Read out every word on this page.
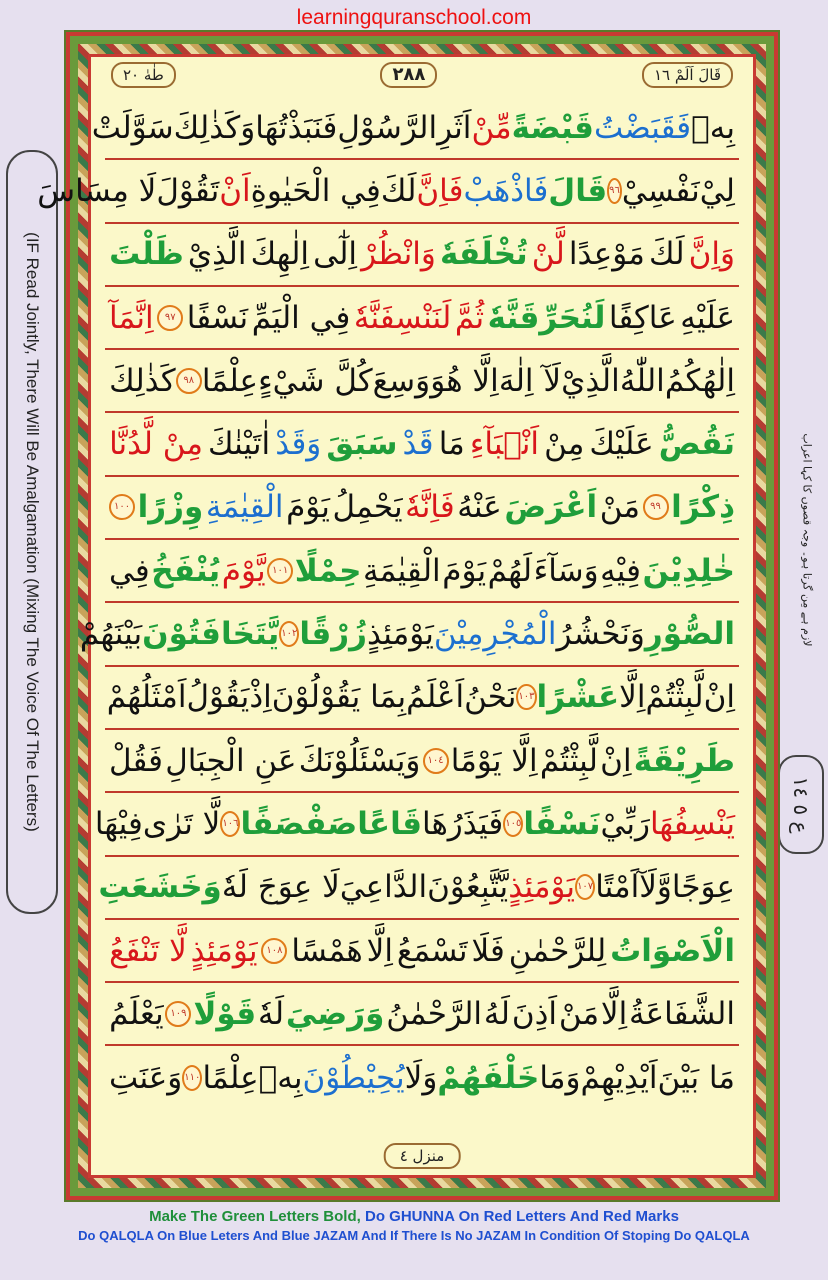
learningquranschool.com
(IF Read Jointly, There Will Be Amalgamation (Mixing The Voice Of The Letters)	لازم ہے مِن گرتا ہو۔ وجہ قصوں کا کہا اعراب
ع ٥ ١٤
قَالَ اَلَمْ ١٦
٢٨٨
طٰهٰ ٢٠
بِهٖ
فَقَبَضْتُ
قَبْضَةً
مِّنْ
اَثَرِ
الرَّسُوْلِ
فَنَبَذْتُهَا
وَكَذٰلِكَ
سَوَّلَتْ
لِيْ
نَفْسِيْ
٩٦
قَالَ
فَاذْهَبْ
فَاِنَّ
لَكَ
فِي الْحَيٰوةِ
اَنْ
تَقُوْلَ
لَا مِسَاسَ
وَاِنَّ
لَكَ
مَوْعِدًا
لَّنْ
تُخْلَفَهٗ
وَانْظُرْ
اِلٰٓى
اِلٰهِكَ
الَّذِيْ
ظَلْتَ
عَلَيْهِ
عَاكِفًا
لَنُحَرِّقَنَّهٗ
ثُمَّ
لَنَنْسِفَنَّهٗ
فِي الْيَمِّ
نَسْفًا
٩٧
اِنَّمَآ
اِلٰهُكُمُ
اللّٰهُ
الَّذِيْ
لَآ اِلٰهَ
اِلَّا هُوَ
وَسِعَ
كُلَّ شَيْءٍ
عِلْمًا
٩٨
كَذٰلِكَ
نَقُصُّ
عَلَيْكَ
مِنْ
اَنْۢبَآءِ
مَا
قَدْ
سَبَقَ
وَقَدْ
اٰتَيْنٰكَ
مِنْ لَّدُنَّا
ذِكْرًا
٩٩
مَنْ
اَعْرَضَ
عَنْهُ
فَاِنَّهٗ
يَحْمِلُ
يَوْمَ
الْقِيٰمَةِ
وِزْرًا
١٠٠
خٰلِدِيْنَ
فِيْهِ
وَسَآءَ
لَهُمْ
يَوْمَ
الْقِيٰمَةِ
حِمْلًا
١٠١
يَّوْمَ
يُنْفَخُ
فِي
الصُّوْرِ
وَنَحْشُرُ
الْمُجْرِمِيْنَ
يَوْمَئِذٍ
زُرْقًا
١٠٢
يَّتَخَافَتُوْنَ
بَيْنَهُمْ
اِنْ
لَّبِثْتُمْ
اِلَّا
عَشْرًا
١٠٣
نَحْنُ
اَعْلَمُ
بِمَا يَقُوْلُوْنَ
اِذْ
يَقُوْلُ
اَمْثَلُهُمْ
طَرِيْقَةً
اِنْ
لَّبِثْتُمْ
اِلَّا يَوْمًا
١٠٤
وَيَسْئَلُوْنَكَ
عَنِ الْجِبَالِ
فَقُلْ
يَنْسِفُهَا
رَبِّيْ
نَسْفًا
١٠٥
فَيَذَرُهَا
قَاعًا
صَفْصَفًا
١٠٦
لَّا تَرٰى
فِيْهَا
عِوَجًا
وَّلَآ
اَمْتًا
١٠٧
يَوْمَئِذٍ
يَّتَّبِعُوْنَ
الدَّاعِيَ
لَا عِوَجَ لَهٗ
وَخَشَعَتِ
الْاَصْوَاتُ
لِلرَّحْمٰنِ
فَلَا
تَسْمَعُ
اِلَّا
هَمْسًا
١٠٨
يَوْمَئِذٍ
لَّا تَنْفَعُ
الشَّفَاعَةُ
اِلَّا
مَنْ
اَذِنَ
لَهُ
الرَّحْمٰنُ
وَرَضِيَ
لَهٗ
قَوْلًا
١٠٩
يَعْلَمُ
مَا بَيْنَ
اَيْدِيْهِمْ
وَمَا
خَلْفَهُمْ
وَلَا
يُحِيْطُوْنَ
بِهٖ
عِلْمًا
١١٠
وَعَنَتِ
منزل ٤
Make The Green Letters Bold, Do GHUNNA On Red Letters And Red Marks
Do QALQLA On Blue Leters And Blue JAZAM And If There Is No JAZAM In Condition Of Stoping Do QALQLA
